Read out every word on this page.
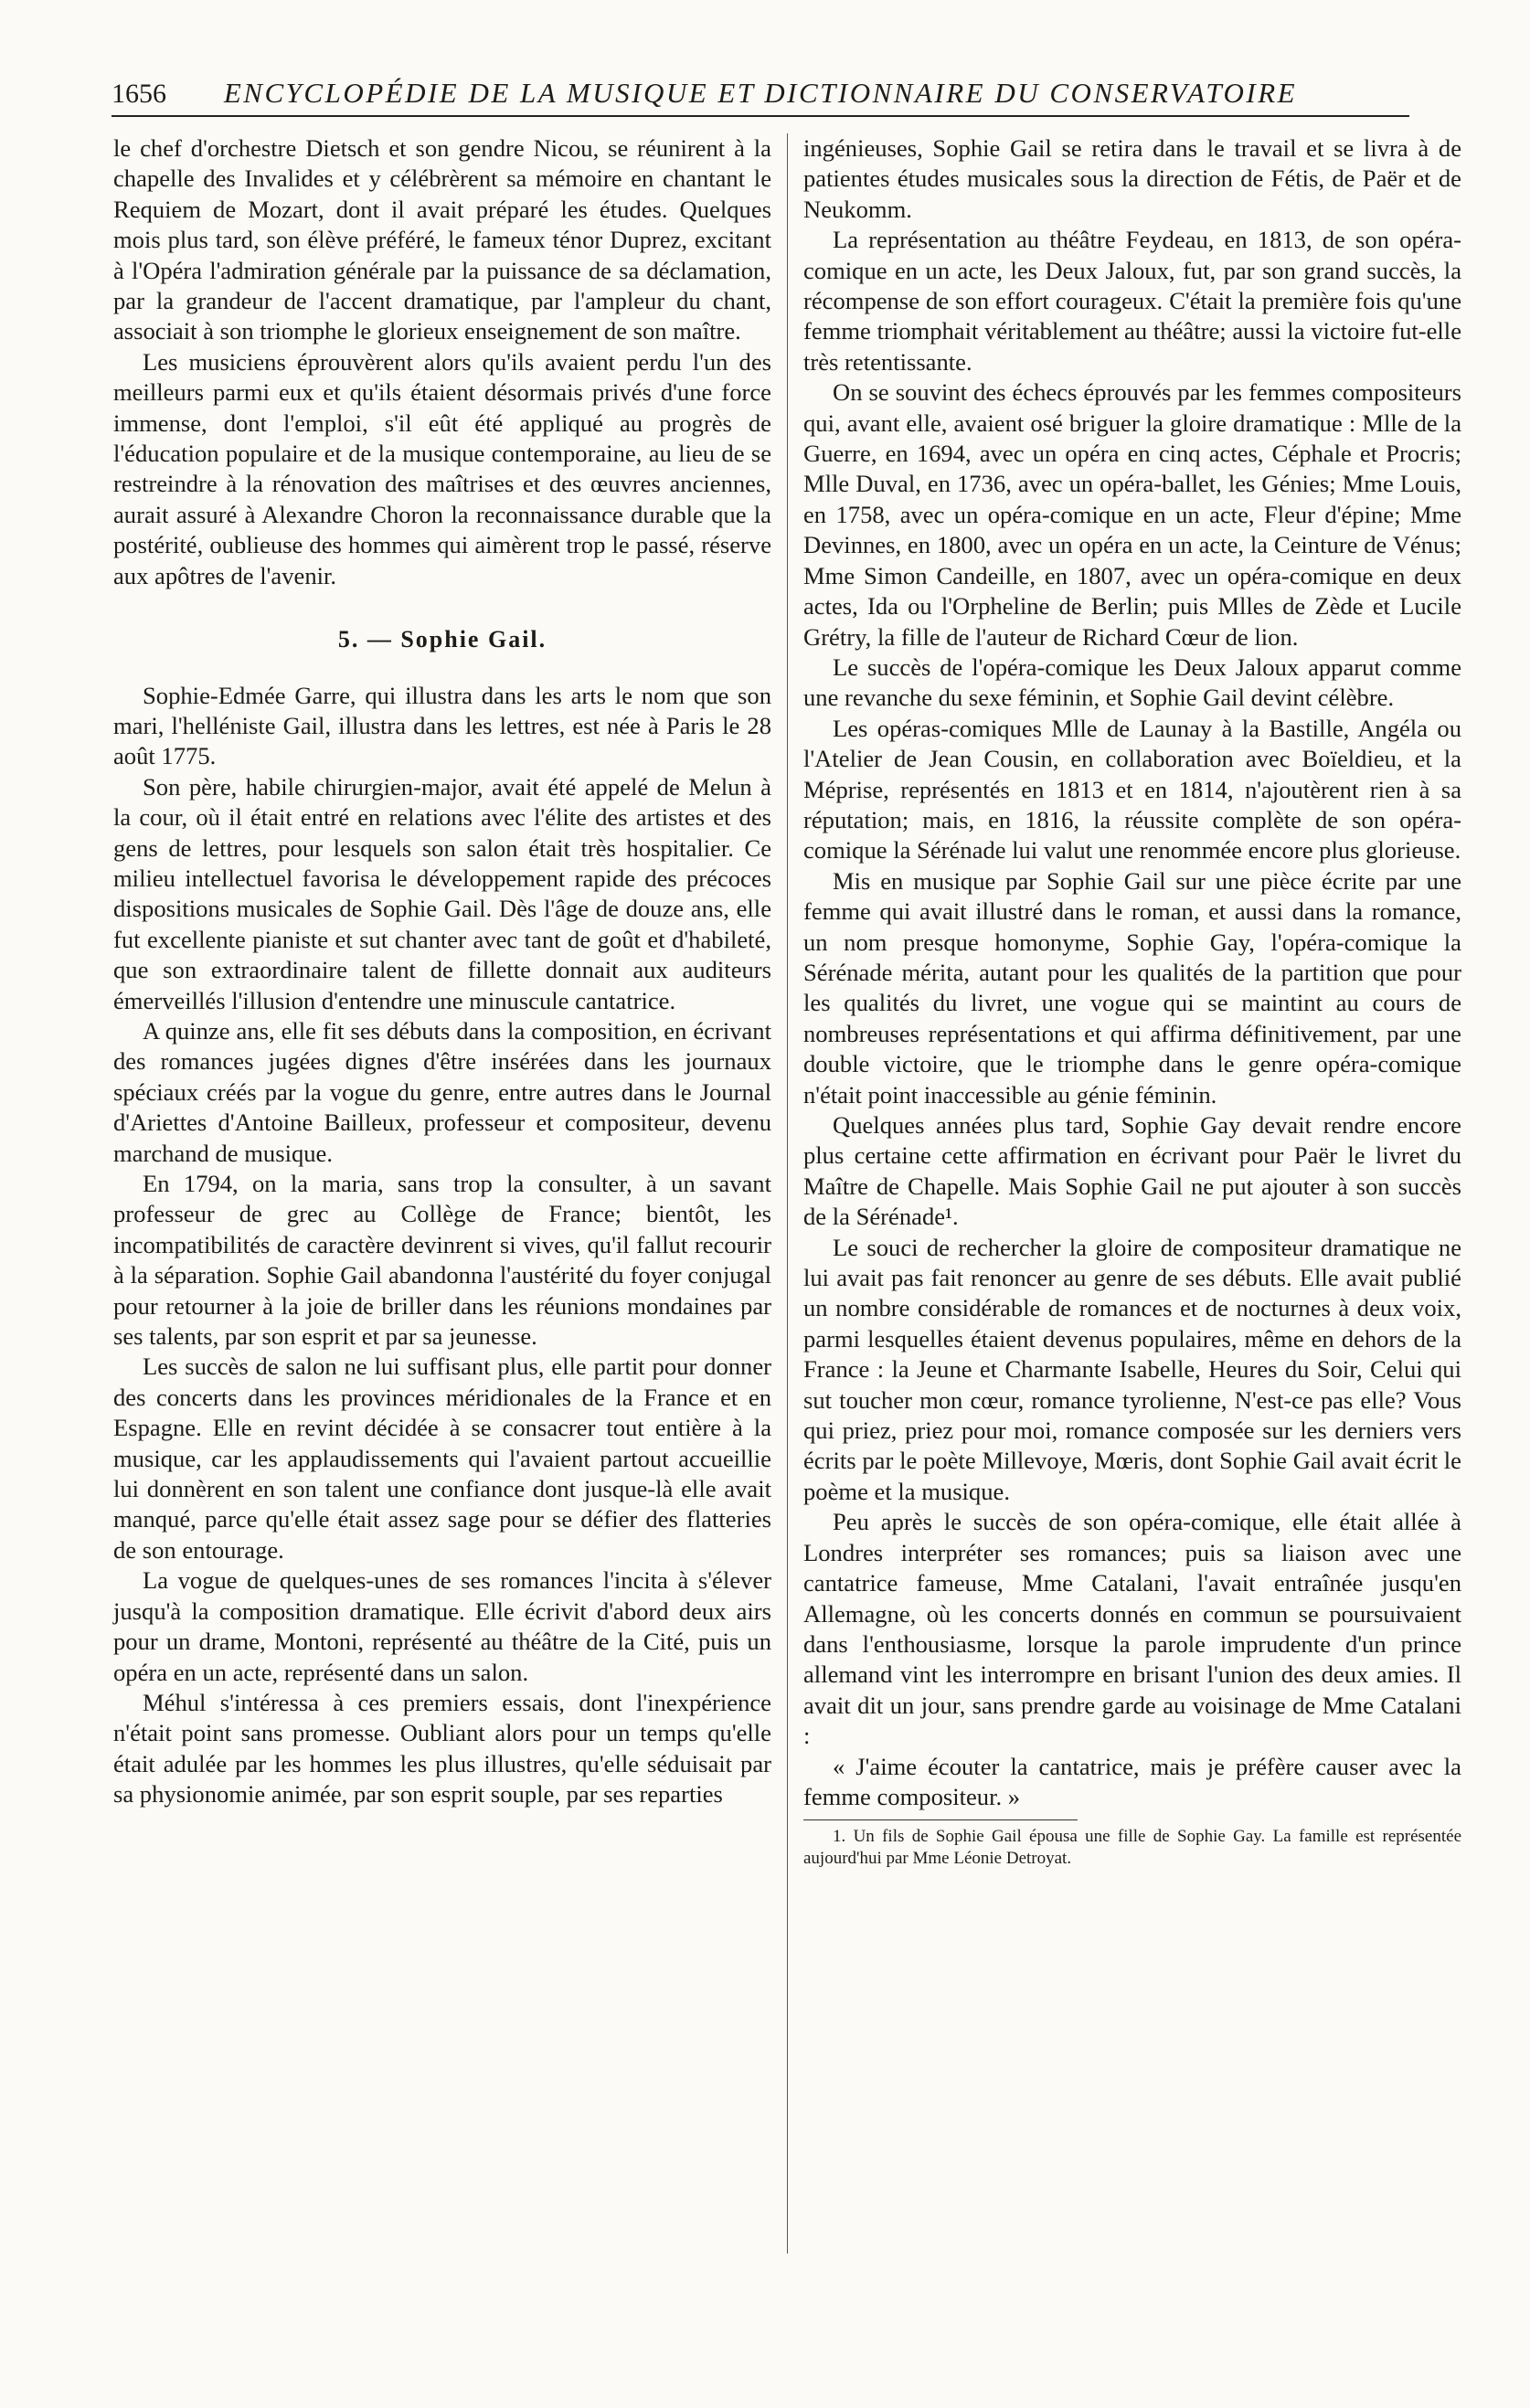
1656	ENCYCLOPÉDIE DE LA MUSIQUE ET DICTIONNAIRE DU CONSERVATOIRE

le chef d'orchestre Dietsch et son gendre Nicou, se réunirent à la chapelle des Invalides et y célébrèrent sa mémoire en chantant le Requiem de Mozart, dont il avait préparé les études. Quelques mois plus tard, son élève préféré, le fameux ténor Duprez, excitant à l'Opéra l'admiration générale par la puissance de sa déclamation, par la grandeur de l'accent dramatique, par l'ampleur du chant, associait à son triomphe le glorieux enseignement de son maître.

Les musiciens éprouvèrent alors qu'ils avaient perdu l'un des meilleurs parmi eux et qu'ils étaient désormais privés d'une force immense, dont l'emploi, s'il eût été appliqué au progrès de l'éducation populaire et de la musique contemporaine, au lieu de se restreindre à la rénovation des maîtrises et des œuvres anciennes, aurait assuré à Alexandre Choron la reconnaissance durable que la postérité, oublieuse des hommes qui aimèrent trop le passé, réserve aux apôtres de l'avenir.

5. — Sophie Gail.

Sophie-Edmée Garre, qui illustra dans les arts le nom que son mari, l'helléniste Gail, illustra dans les lettres, est née à Paris le 28 août 1775.

Son père, habile chirurgien-major, avait été appelé de Melun à la cour, où il était entré en relations avec l'élite des artistes et des gens de lettres, pour lesquels son salon était très hospitalier. Ce milieu intellectuel favorisa le développement rapide des précoces dispositions musicales de Sophie Gail. Dès l'âge de douze ans, elle fut excellente pianiste et sut chanter avec tant de goût et d'habileté, que son extraordinaire talent de fillette donnait aux auditeurs émerveillés l'illusion d'entendre une minuscule cantatrice.

A quinze ans, elle fit ses débuts dans la composition, en écrivant des romances jugées dignes d'être insérées dans les journaux spéciaux créés par la vogue du genre, entre autres dans le Journal d'Ariettes d'Antoine Bailleux, professeur et compositeur, devenu marchand de musique.

En 1794, on la maria, sans trop la consulter, à un savant professeur de grec au Collège de France; bientôt, les incompatibilités de caractère devinrent si vives, qu'il fallut recourir à la séparation. Sophie Gail abandonna l'austérité du foyer conjugal pour retourner à la joie de briller dans les réunions mondaines par ses talents, par son esprit et par sa jeunesse.

Les succès de salon ne lui suffisant plus, elle partit pour donner des concerts dans les provinces méridionales de la France et en Espagne. Elle en revint décidée à se consacrer tout entière à la musique, car les applaudissements qui l'avaient partout accueillie lui donnèrent en son talent une confiance dont jusque-là elle avait manqué, parce qu'elle était assez sage pour se défier des flatteries de son entourage.

La vogue de quelques-unes de ses romances l'incita à s'élever jusqu'à la composition dramatique. Elle écrivit d'abord deux airs pour un drame, Montoni, représenté au théâtre de la Cité, puis un opéra en un acte, représenté dans un salon.

Méhul s'intéressa à ces premiers essais, dont l'inexpérience n'était point sans promesse. Oubliant alors pour un temps qu'elle était adulée par les hommes les plus illustres, qu'elle séduisait par sa physionomie animée, par son esprit souple, par ses reparties

ingénieuses, Sophie Gail se retira dans le travail et se livra à de patientes études musicales sous la direction de Fétis, de Paër et de Neukomm.

La représentation au théâtre Feydeau, en 1813, de son opéra-comique en un acte, les Deux Jaloux, fut, par son grand succès, la récompense de son effort courageux. C'était la première fois qu'une femme triomphait véritablement au théâtre; aussi la victoire fut-elle très retentissante.

On se souvint des échecs éprouvés par les femmes compositeurs qui, avant elle, avaient osé briguer la gloire dramatique : Mlle de la Guerre, en 1694, avec un opéra en cinq actes, Céphale et Procris; Mlle Duval, en 1736, avec un opéra-ballet, les Génies; Mme Louis, en 1758, avec un opéra-comique en un acte, Fleur d'épine; Mme Devinnes, en 1800, avec un opéra en un acte, la Ceinture de Vénus; Mme Simon Candeille, en 1807, avec un opéra-comique en deux actes, Ida ou l'Orpheline de Berlin; puis Mlles de Zède et Lucile Grétry, la fille de l'auteur de Richard Cœur de lion.

Le succès de l'opéra-comique les Deux Jaloux apparut comme une revanche du sexe féminin, et Sophie Gail devint célèbre.

Les opéras-comiques Mlle de Launay à la Bastille, Angéla ou l'Atelier de Jean Cousin, en collaboration avec Boïeldieu, et la Méprise, représentés en 1813 et en 1814, n'ajoutèrent rien à sa réputation; mais, en 1816, la réussite complète de son opéra-comique la Sérénade lui valut une renommée encore plus glorieuse.

Mis en musique par Sophie Gail sur une pièce écrite par une femme qui avait illustré dans le roman, et aussi dans la romance, un nom presque homonyme, Sophie Gay, l'opéra-comique la Sérénade mérita, autant pour les qualités de la partition que pour les qualités du livret, une vogue qui se maintint au cours de nombreuses représentations et qui affirma définitivement, par une double victoire, que le triomphe dans le genre opéra-comique n'était point inaccessible au génie féminin.

Quelques années plus tard, Sophie Gay devait rendre encore plus certaine cette affirmation en écrivant pour Paër le livret du Maître de Chapelle. Mais Sophie Gail ne put ajouter à son succès de la Sérénade¹.

Le souci de rechercher la gloire de compositeur dramatique ne lui avait pas fait renoncer au genre de ses débuts. Elle avait publié un nombre considérable de romances et de nocturnes à deux voix, parmi lesquelles étaient devenus populaires, même en dehors de la France : la Jeune et Charmante Isabelle, Heures du Soir, Celui qui sut toucher mon cœur, romance tyrolienne, N'est-ce pas elle? Vous qui priez, priez pour moi, romance composée sur les derniers vers écrits par le poète Millevoye, Mœris, dont Sophie Gail avait écrit le poème et la musique.

Peu après le succès de son opéra-comique, elle était allée à Londres interpréter ses romances; puis sa liaison avec une cantatrice fameuse, Mme Catalani, l'avait entraînée jusqu'en Allemagne, où les concerts donnés en commun se poursuivaient dans l'enthousiasme, lorsque la parole imprudente d'un prince allemand vint les interrompre en brisant l'union des deux amies. Il avait dit un jour, sans prendre garde au voisinage de Mme Catalani :

« J'aime écouter la cantatrice, mais je préfère causer avec la femme compositeur. »

1. Un fils de Sophie Gail épousa une fille de Sophie Gay. La famille est représentée aujourd'hui par Mme Léonie Detroyat.
